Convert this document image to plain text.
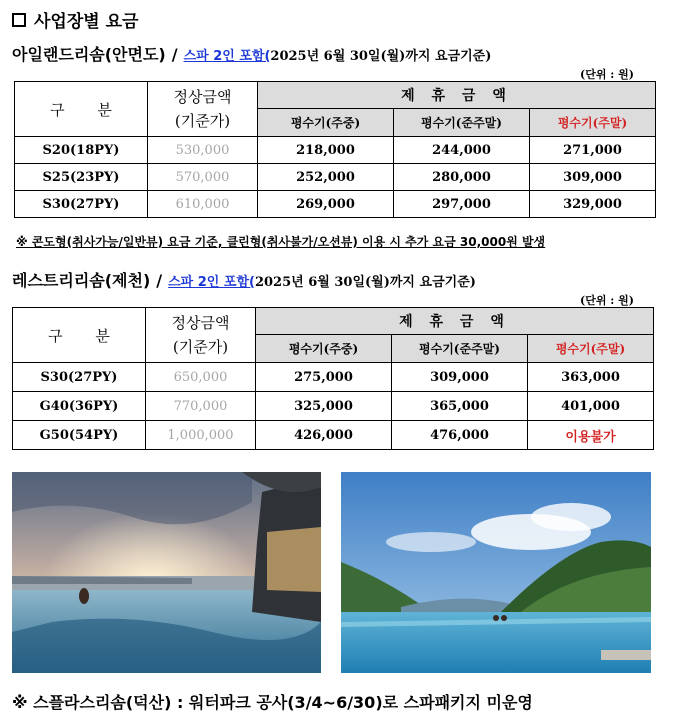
사업장별 요금
아일랜드리솜(안면도) / 스파 2인 포함( 2025년 6월 30일(월)까지 요금기준)
(단위 : 원)
구 분	정상금액
(기준가)	제 휴 금 액		
		평수기(주중)	평수기(준주말)	평수기(주말)
S20(18PY)	530,000	218,000	244,000	271,000
S25(23PY)	570,000	252,000	280,000	309,000
S30(27PY)	610,000	269,000	297,000	329,000
※ 콘도형(취사가능/일반뷰) 요금 기준, 클린형(취사불가/오션뷰) 이용 시 추가 요금 30,000원 발생
레스트리리솜(제천) / 스파 2인 포함( 2025년 6월 30일(월)까지 요금기준)
(단위 : 원)
구 분	정상금액
(기준가)	제 휴 금 액		
		평수기(주중)	평수기(준주말)	평수기(주말)
S30(27PY)	650,000	275,000	309,000	363,000
G40(36PY)	770,000	325,000	365,000	401,000
G50(54PY)	1,000,000	426,000	476,000	이용불가
※ 스플라스리솜(덕산) : 워터파크 공사(3/4~6/30)로 스파패키지 미운영
